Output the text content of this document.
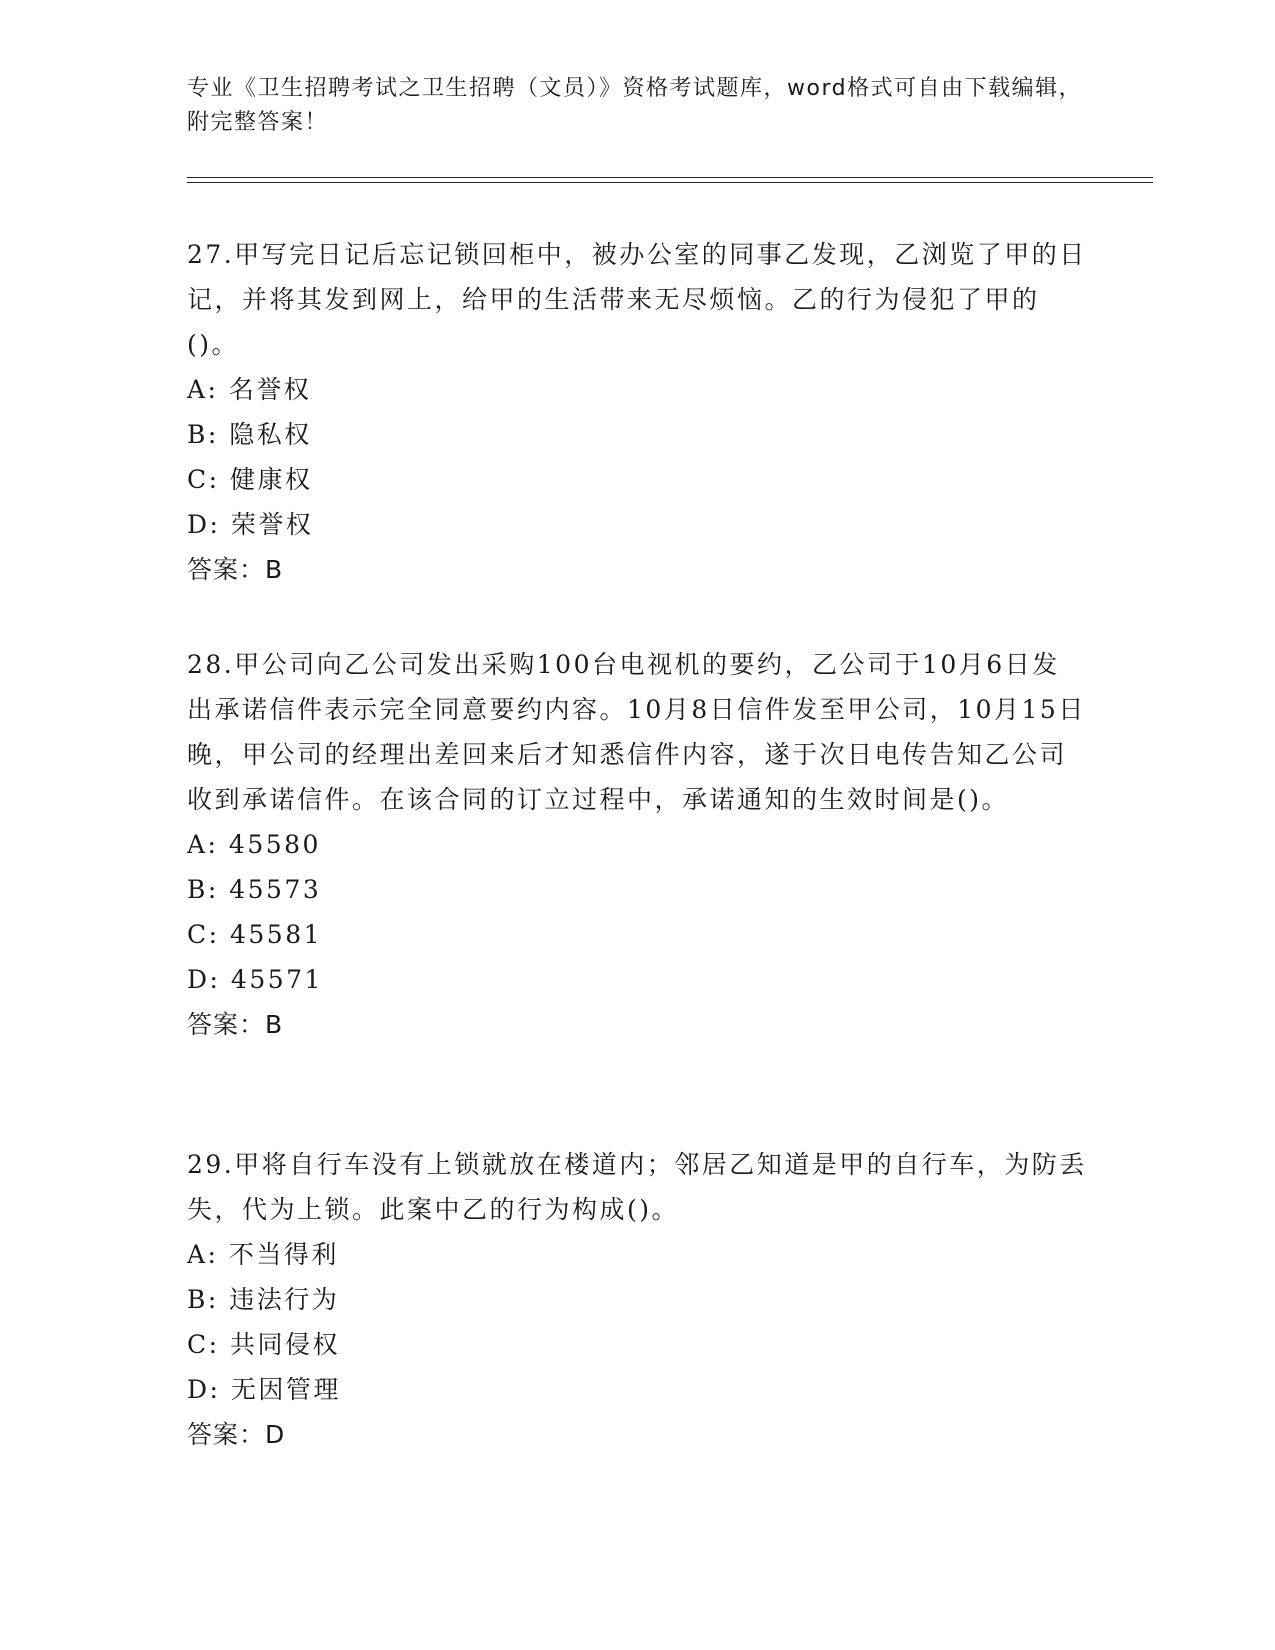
专业《卫生招聘考试之卫生招聘（文员）》资格考试题库，word格式可自由下载编辑，附完整答案！
27.甲写完日记后忘记锁回柜中，被办公室的同事乙发现，乙浏览了甲的日记，并将其发到网上，给甲的生活带来无尽烦恼。乙的行为侵犯了甲的()。
A: 名誉权
B: 隐私权
C: 健康权
D: 荣誉权
答案：B
28.甲公司向乙公司发出采购100台电视机的要约，乙公司于10月6日发出承诺信件表示完全同意要约内容。10月8日信件发至甲公司，10月15日晚，甲公司的经理出差回来后才知悉信件内容，遂于次日电传告知乙公司收到承诺信件。在该合同的订立过程中，承诺通知的生效时间是()。
A: 45580
B: 45573
C: 45581
D: 45571
答案：B
29.甲将自行车没有上锁就放在楼道内；邻居乙知道是甲的自行车，为防丢失，代为上锁。此案中乙的行为构成()。
A: 不当得利
B: 违法行为
C: 共同侵权
D: 无因管理
答案：D
